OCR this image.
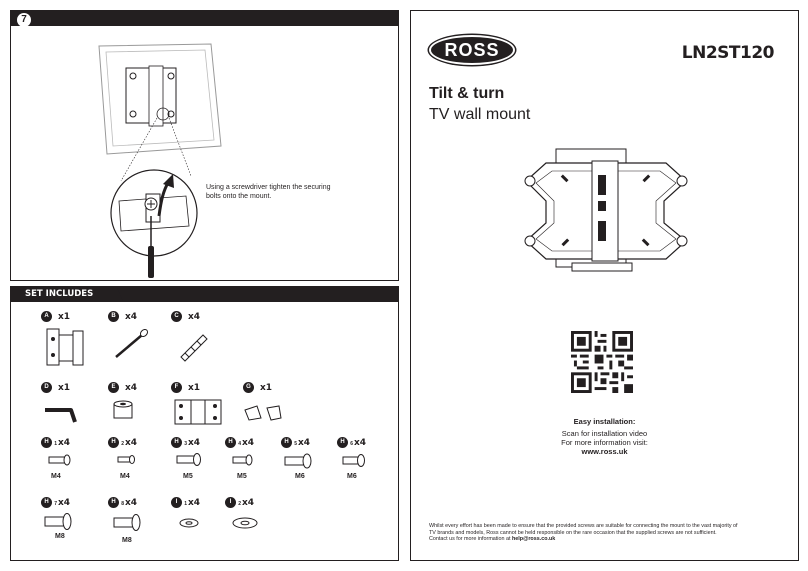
7
Using a screwdriver tighten the securing bolts onto the mount.
SET INCLUDES
A	x1	B	x4	C	x4
D	x1	E	x4	F	x1	G	x1
H 1 x4
M4
H 2 x4
M4
H 3 x4
M5
H 4 x4
M5
H 5 x4
M6
H 6 x4
M6
H 7 x4
M8
H 8 x4
M8
I 1 x4	I 2 x4
ROSS	LN2ST120
Tilt & turn
TV wall mount
Easy installation:
Scan for installation video
For more information visit:
www.ross.uk
Whilst every effort has been made to ensure that the provided screws are suitable for connecting the mount to the vast majority of
TV brands and models, Ross cannot be held responsible on the rare occasion that the supplied screws are not sufficient.
Contact us for more information at help@ross.co.uk
